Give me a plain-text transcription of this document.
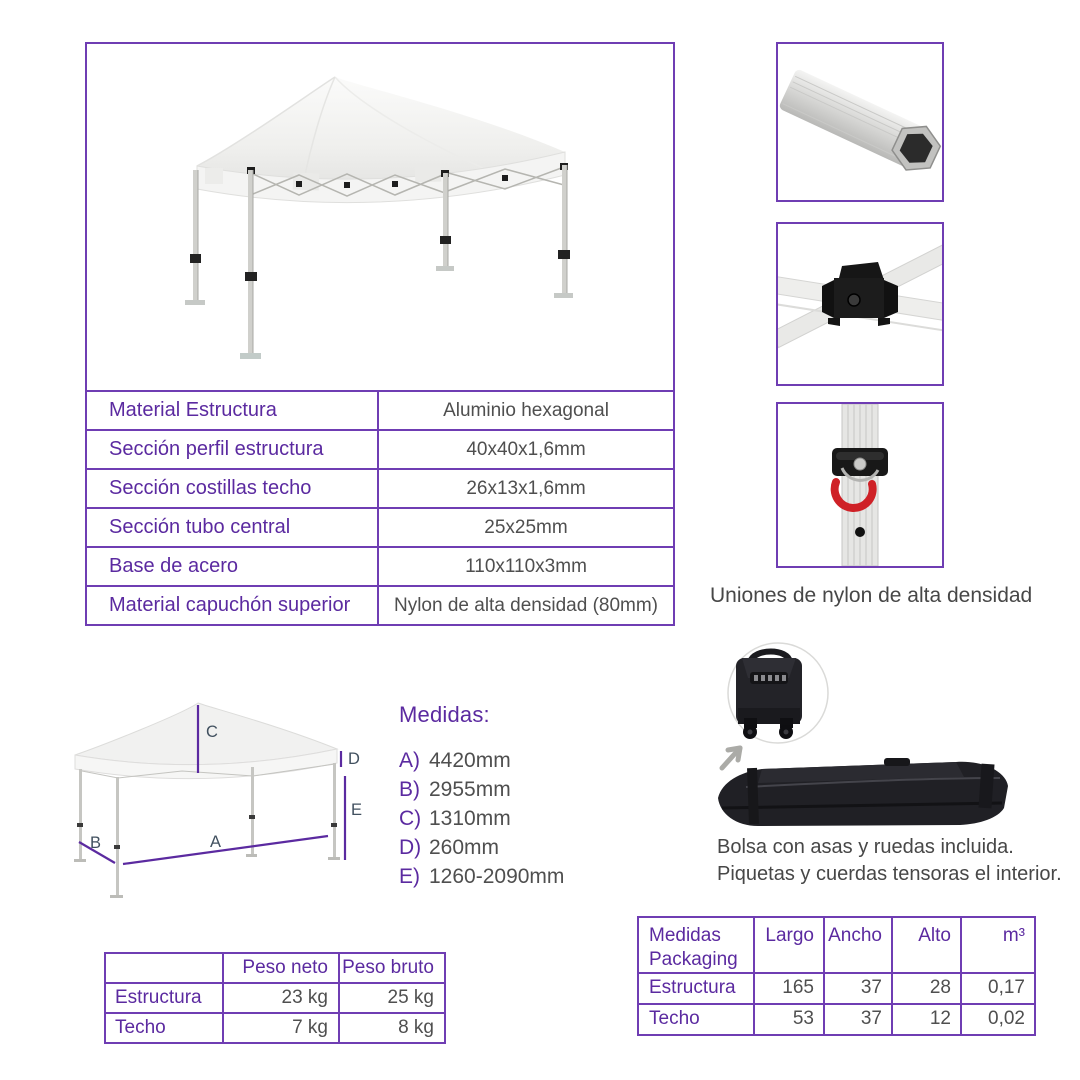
Material Estructura	Aluminio hexagonal
Sección perfil estructura	40x40x1,6mm
Sección costillas techo	26x13x1,6mm
Sección tubo central	25x25mm
Base de acero	110x110x3mm
Material capuchón superior	Nylon de alta densidad (80mm) Uniones de nylon de alta densidad
C
D
E
A
B
Medidas:
A) 4420mm
B) 2955mm
C) 1310mm
D) 260mm
E) 1260-2090mm
Bolsa con asas y ruedas incluida.
Piquetas y cuerdas tensoras el interior.
	Peso neto	Peso bruto
Estructura	23 kg	25 kg
Techo	7 kg	8 kg
Medidas Packaging	Largo	Ancho	Alto	m³
Estructura	165	37	28	0,17
Techo	53	37	12	0,02
